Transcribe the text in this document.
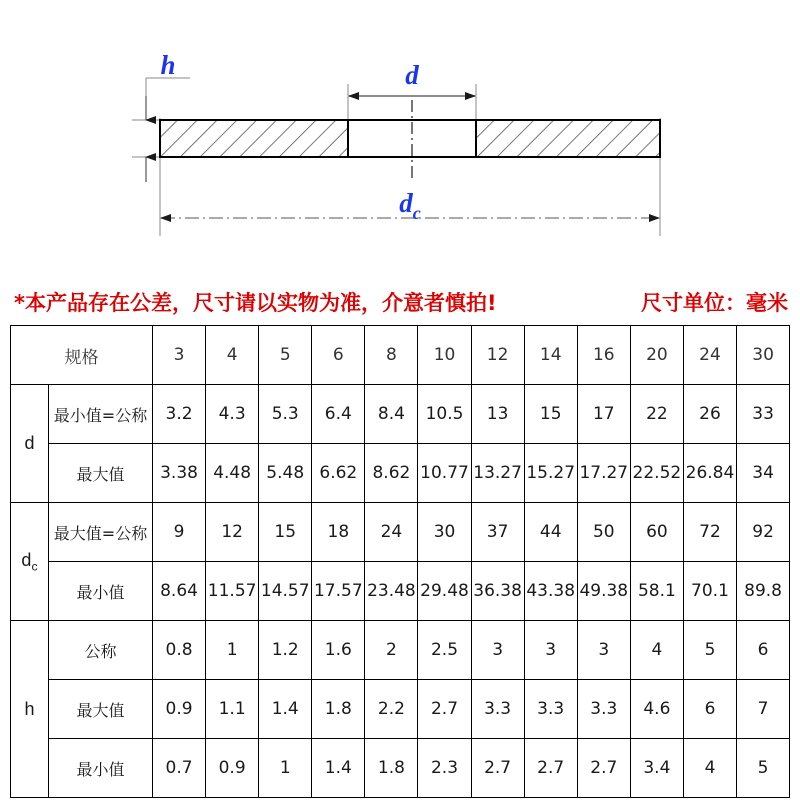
h	d
$d_c$
*本产品存在公差，尺寸请以实物为准，介意者慎拍!	尺寸单位：毫米
规格		3	4	5	6	8	10	12	14	16	20	24	30
d	最小值=公称	3.2	4.3	5.3	6.4	8.4	10.5	13	15	17	22	26	33
	最大值	3.38	4.48	5.48	6.62	8.62	10.77	13.27	15.27	17.27	22.52	26.84	34
$d_c$	最大值=公称	9	12	15	18	24	30	37	44	50	60	72	92
	最小值	8.64	11.57	14.57	17.57	23.48	29.48	36.38	43.38	49.38	58.1	70.1	89.8
h	公称	0.8	1	1.2	1.6	2	2.5	3	3	3	4	5	6
	最大值	0.9	1.1	1.4	1.8	2.2	2.7	3.3	3.3	3.3	4.6	6	7
	最小值	0.7	0.9	1	1.4	1.8	2.3	2.7	2.7	2.7	3.4	4	5
